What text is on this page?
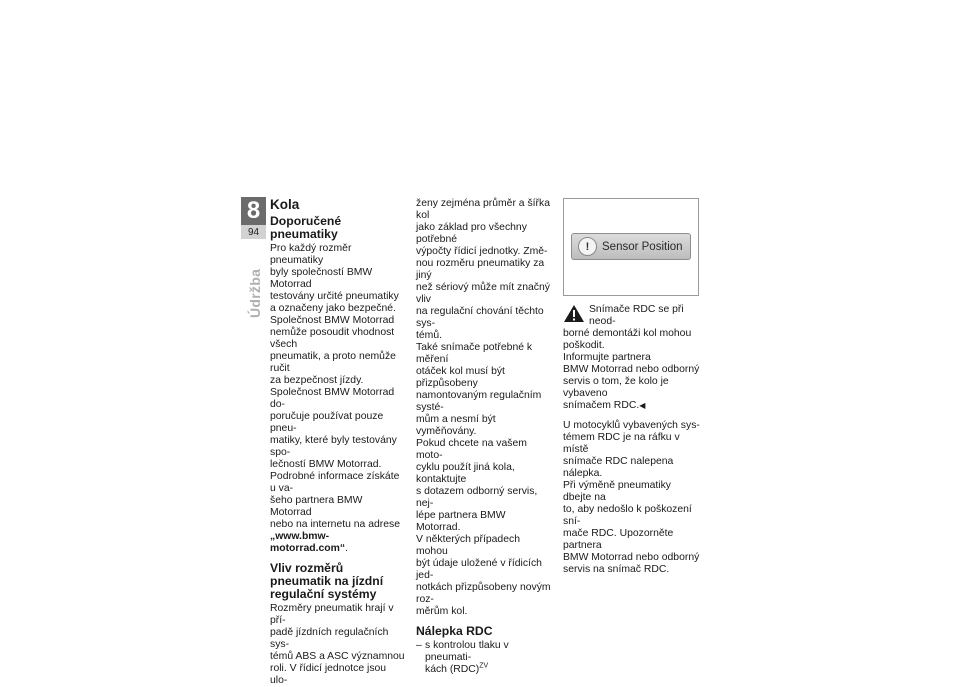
8
94
Údržba
Kola
Doporučené pneumatiky

Pro každý rozměr pneumatiky
byly společností BMW Motorrad
testovány určité pneumatiky
a označeny jako bezpečné.
Společnost BMW Motorrad
nemůže posoudit vhodnost všech
pneumatik, a proto nemůže ručit
za bezpečnost jízdy.
Společnost BMW Motorrad do-
poručuje používat pouze pneu-
matiky, které byly testovány spo-
lečností BMW Motorrad.
Podrobné informace získáte u va-
šeho partnera BMW Motorrad
nebo na internetu na adrese
„www.bmw-motorrad.com“.

Vliv rozměrů pneumatik na jízdní regulační systémy

Rozměry pneumatik hrají v pří-
padě jízdních regulačních sys-
témů ABS a ASC významnou
roli. V řídicí jednotce jsou ulo-

ženy zejména průměr a šířka kol
jako základ pro všechny potřebné
výpočty řídicí jednotky. Změ-
nou rozměru pneumatiky za jiný
než sériový může mít značný vliv
na regulační chování těchto sys-
témů.
Také snímače potřebné k měření
otáček kol musí být přizpůsobeny
namontovaným regulačním systé-
mům a nesmí být vyměňovány.
Pokud chcete na vašem moto-
cyklu použít jiná kola, kontaktujte
s dotazem odborný servis, nej-
lépe partnera BMW Motorrad.
V některých případech mohou
být údaje uložené v řídicích jed-
notkách přizpůsobeny novým roz-
měrům kol.

Nálepka RDC
– s kontrolou tlaku v pneumati-
kách (RDC)$^{ZV}$
!	Sensor Position

Snímače RDC se při neod-
borné demontáži kol mohou
poškodit.
Informujte partnera
BMW Motorrad nebo odborný
servis o tom, že kolo je vybaveno
snímačem RDC.◀

U motocyklů vybavených sys-
témem RDC je na ráfku v místě
snímače RDC nalepena nálepka.
Při výměně pneumatiky dbejte na
to, aby nedošlo k poškození sní-
mače RDC. Upozorněte partnera
BMW Motorrad nebo odborný
servis na snímač RDC.
